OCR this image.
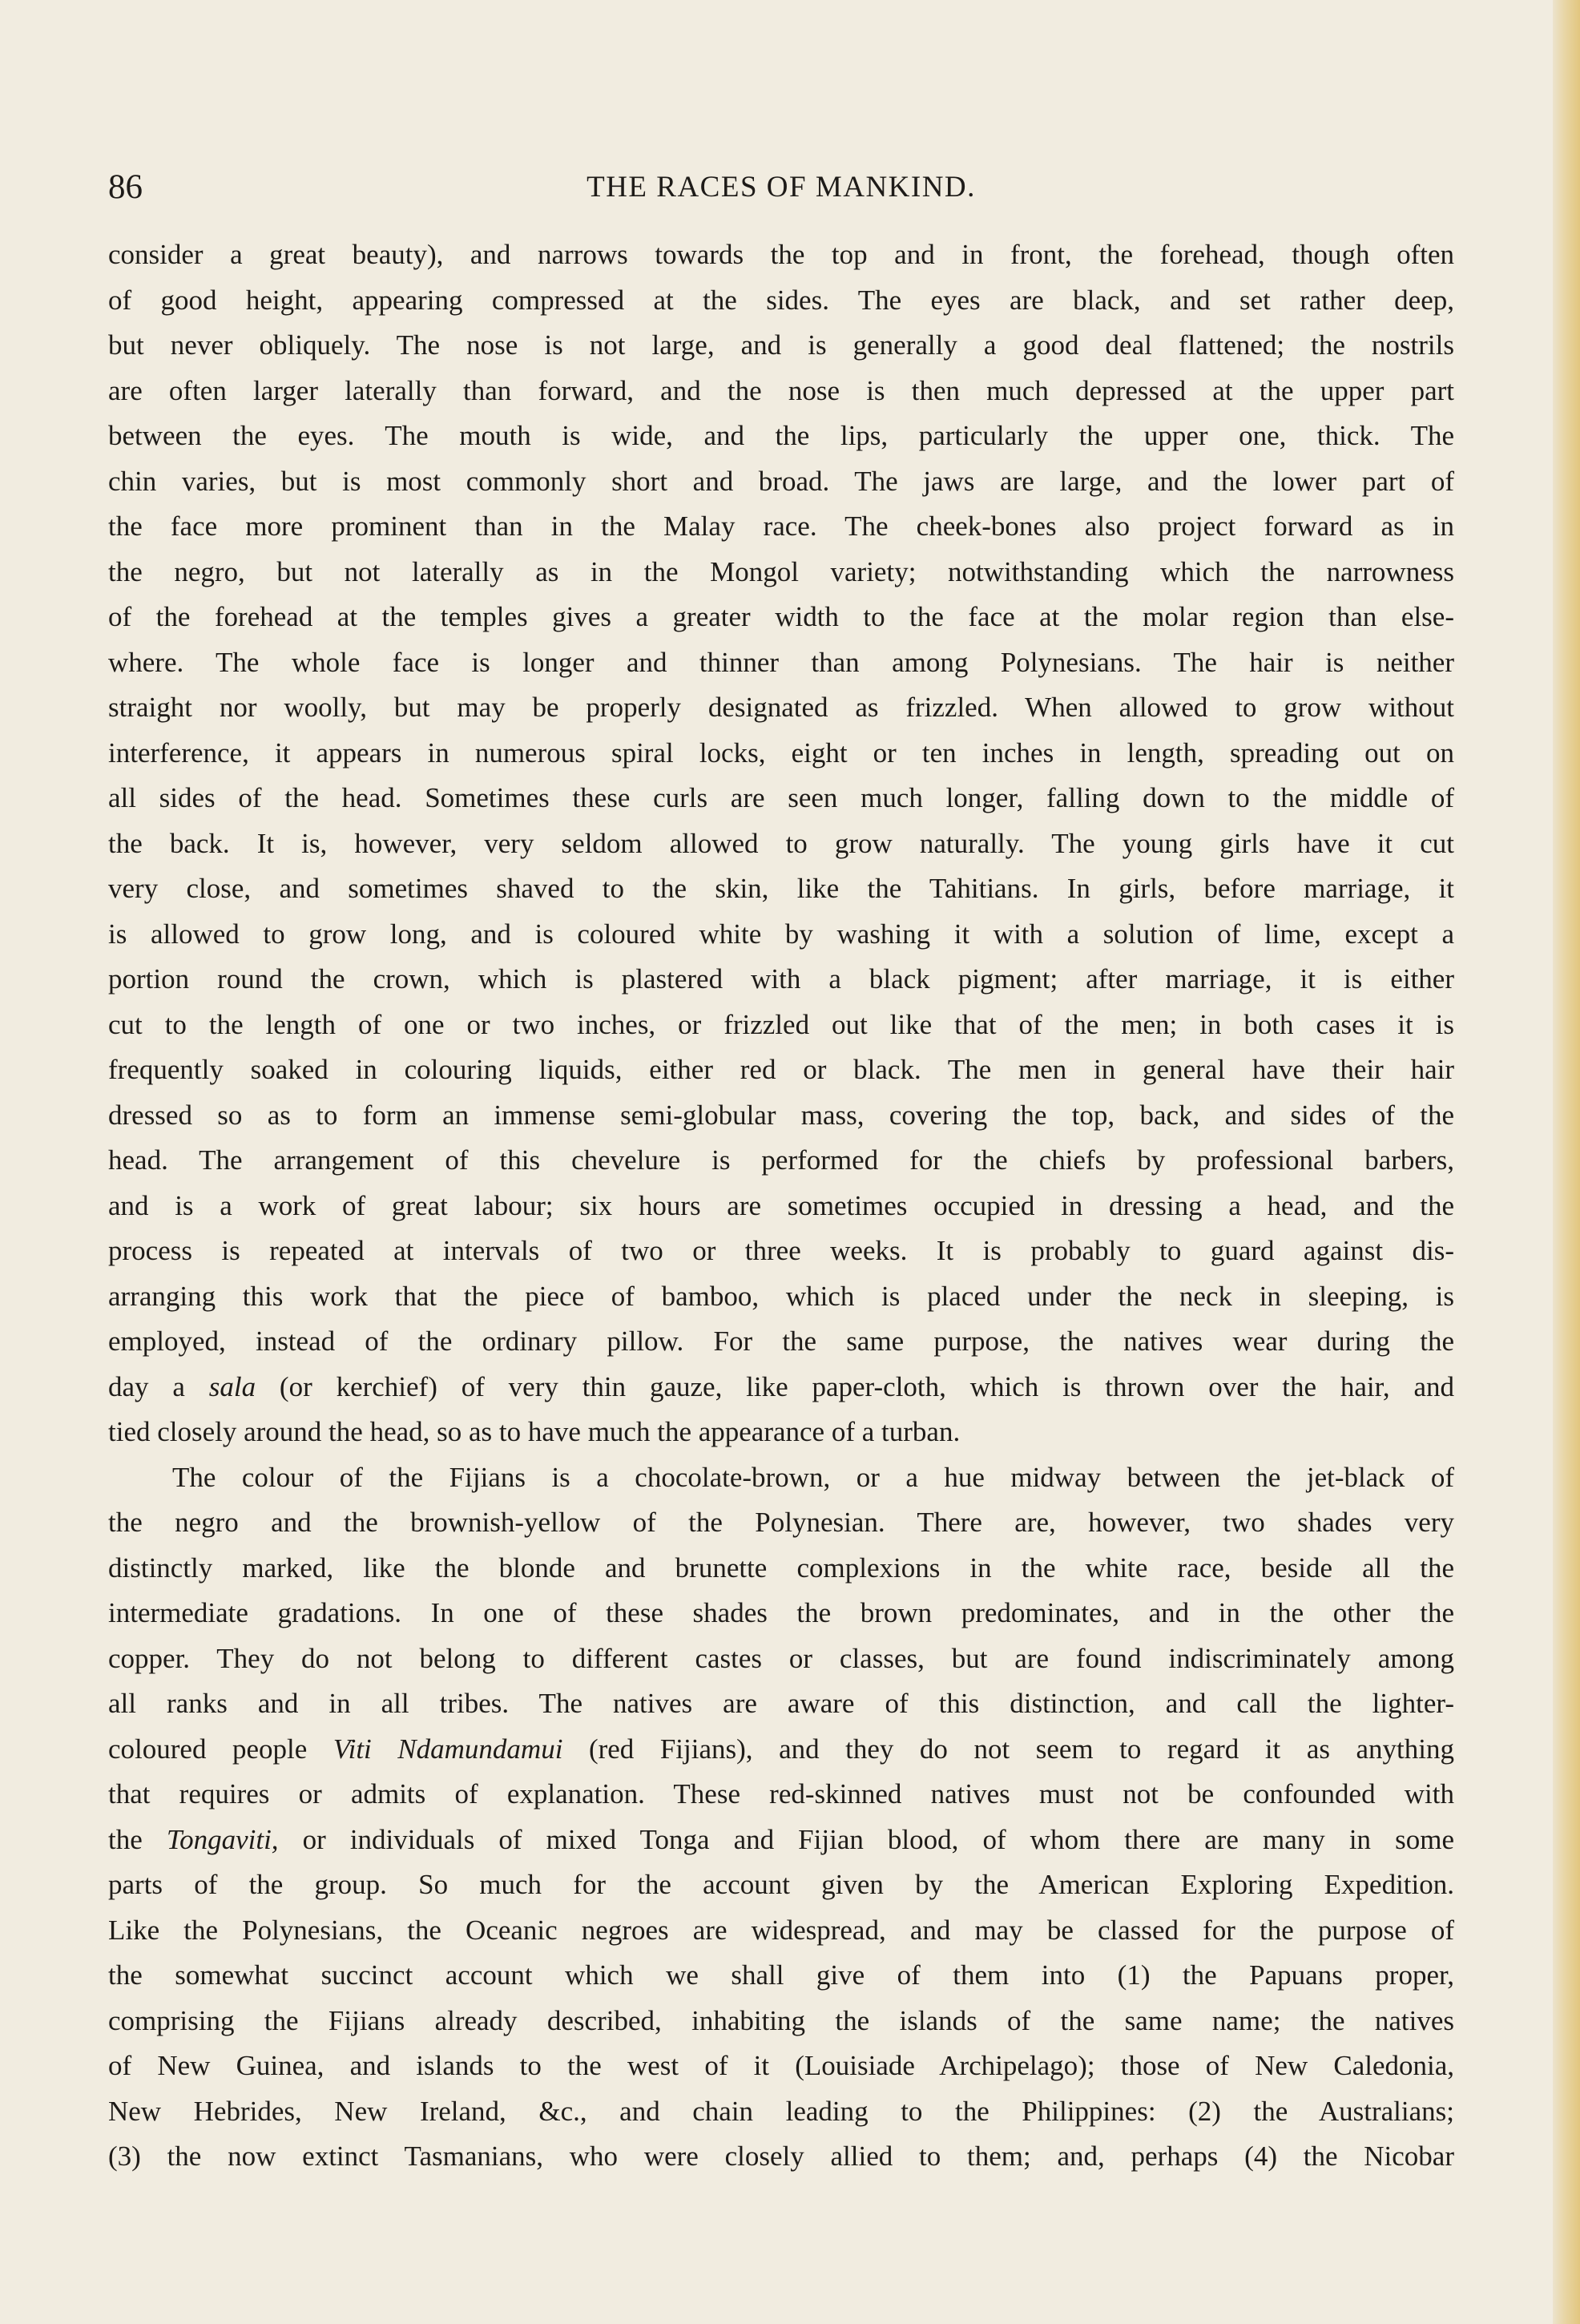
86	THE RACES OF MANKIND.
consider a great beauty), and narrows towards the top and in front, the forehead, though often
of good height, appearing compressed at the sides. The eyes are black, and set rather deep,
but never obliquely. The nose is not large, and is generally a good deal flattened; the nostrils
are often larger laterally than forward, and the nose is then much depressed at the upper part
between the eyes. The mouth is wide, and the lips, particularly the upper one, thick. The
chin varies, but is most commonly short and broad. The jaws are large, and the lower part of
the face more prominent than in the Malay race. The cheek-bones also project forward as in
the negro, but not laterally as in the Mongol variety; notwithstanding which the narrowness
of the forehead at the temples gives a greater width to the face at the molar region than else-
where. The whole face is longer and thinner than among Polynesians. The hair is neither
straight nor woolly, but may be properly designated as frizzled. When allowed to grow without
interference, it appears in numerous spiral locks, eight or ten inches in length, spreading out on
all sides of the head. Sometimes these curls are seen much longer, falling down to the middle of
the back. It is, however, very seldom allowed to grow naturally. The young girls have it cut
very close, and sometimes shaved to the skin, like the Tahitians. In girls, before marriage, it
is allowed to grow long, and is coloured white by washing it with a solution of lime, except a
portion round the crown, which is plastered with a black pigment; after marriage, it is either
cut to the length of one or two inches, or frizzled out like that of the men; in both cases it is
frequently soaked in colouring liquids, either red or black. The men in general have their hair
dressed so as to form an immense semi-globular mass, covering the top, back, and sides of the
head. The arrangement of this chevelure is performed for the chiefs by professional barbers,
and is a work of great labour; six hours are sometimes occupied in dressing a head, and the
process is repeated at intervals of two or three weeks. It is probably to guard against dis-
arranging this work that the piece of bamboo, which is placed under the neck in sleeping, is
employed, instead of the ordinary pillow. For the same purpose, the natives wear during the
day a sala (or kerchief) of very thin gauze, like paper-cloth, which is thrown over the hair, and
tied closely around the head, so as to have much the appearance of a turban.
The colour of the Fijians is a chocolate-brown, or a hue midway between the jet-black of
the negro and the brownish-yellow of the Polynesian. There are, however, two shades very
distinctly marked, like the blonde and brunette complexions in the white race, beside all the
intermediate gradations. In one of these shades the brown predominates, and in the other the
copper. They do not belong to different castes or classes, but are found indiscriminately among
all ranks and in all tribes. The natives are aware of this distinction, and call the lighter-
coloured people Viti Ndamundamui (red Fijians), and they do not seem to regard it as anything
that requires or admits of explanation. These red-skinned natives must not be confounded with
the Tongaviti, or individuals of mixed Tonga and Fijian blood, of whom there are many in some
parts of the group. So much for the account given by the American Exploring Expedition.
Like the Polynesians, the Oceanic negroes are widespread, and may be classed for the purpose of
the somewhat succinct account which we shall give of them into (1) the Papuans proper,
comprising the Fijians already described, inhabiting the islands of the same name; the natives
of New Guinea, and islands to the west of it (Louisiade Archipelago); those of New Caledonia,
New Hebrides, New Ireland, &c., and chain leading to the Philippines: (2) the Australians;
(3) the now extinct Tasmanians, who were closely allied to them; and, perhaps (4) the Nicobar
